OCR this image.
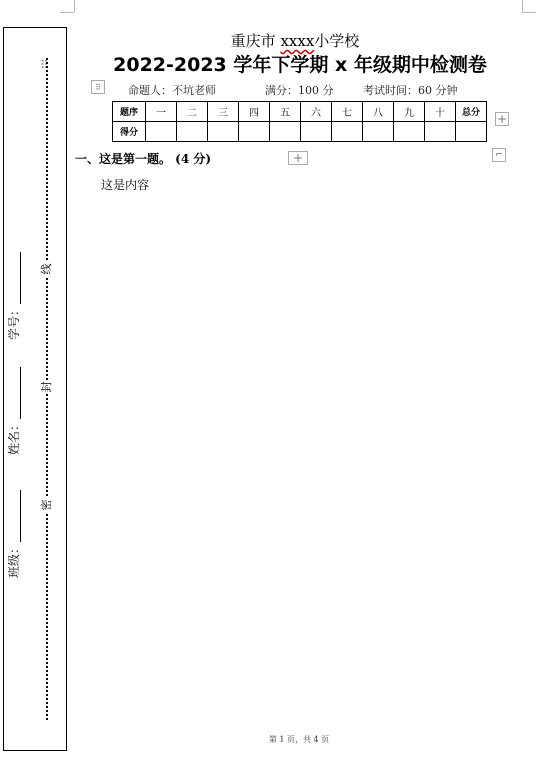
⠿
线
封
密
学号：
姓名：
班级：
重庆市 xxxx小学校
2022-2023 学年下学期 x 年级期中检测卷
⠿	命题人：不坑老师	满分：100 分	考试时间：60 分钟
题序	一	二	三	四	五	六	七	八	九	十	总分
得分											
+
+	⌐
一、这是第一题。 (4 分)
这是内容
第 1 页，共 4 页
